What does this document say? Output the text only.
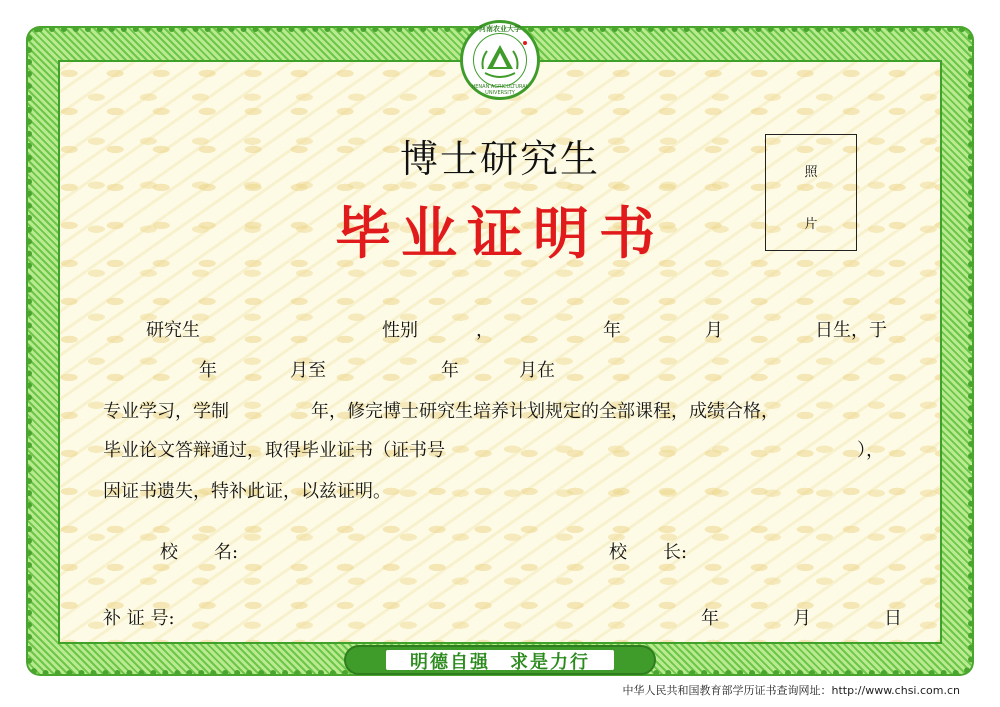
河南农业大学
HENAN AGRICULTURAL UNIVERSITY
博士研究生
毕业证明书
照
片
研究生	性别	，	年	月	日生，于
年	月至	年	月在
专业学习，学制	年，修完博士研究生培养计划规定的全部课程，成绩合格，
毕业论文答辩通过，取得毕业证书（证书号	），
因证书遗失，特补此证，以兹证明。
校　　名:	校　　长:
补 证 号:	年	月	日
明德自强　求是力行
中华人民共和国教育部学历证书查询网址：http://www.chsi.com.cn
